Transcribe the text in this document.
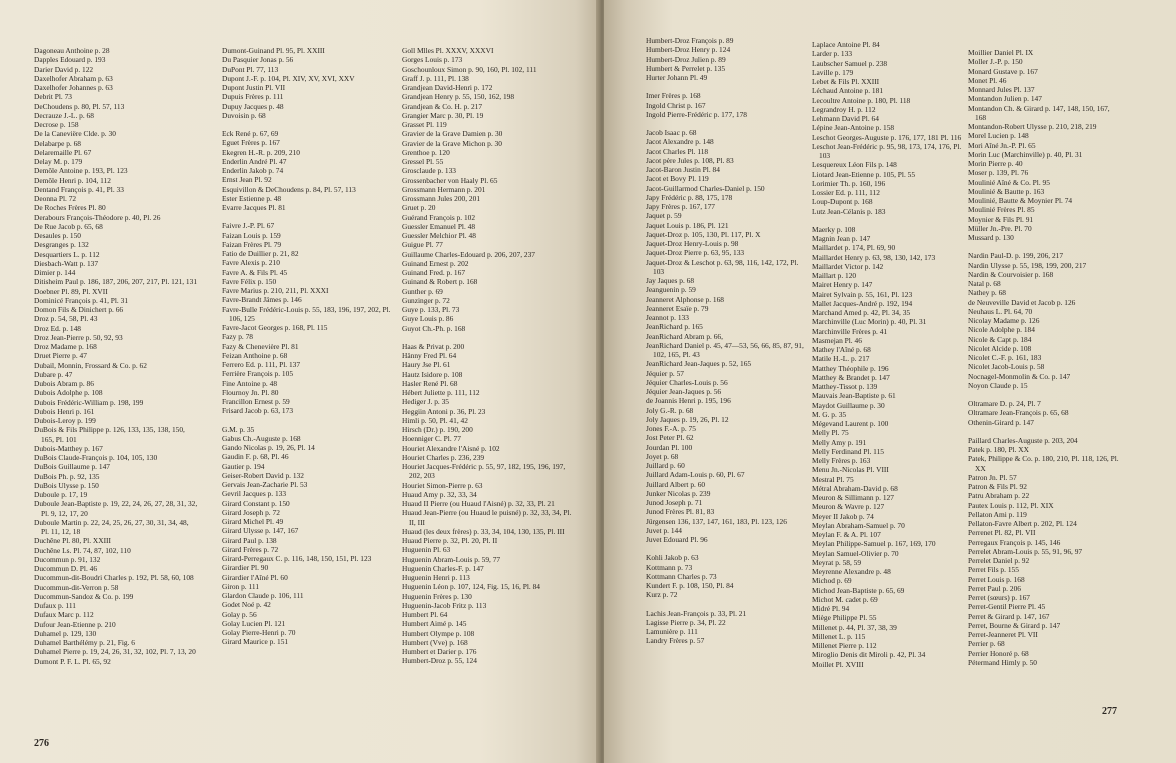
Dagoneau Anthoine p. 28
Dapples Edouard p. 193
Darier David p. 122
Daxelhofer Abraham p. 63
Daxelhofer Johannes p. 63
Debrit Pl. 73
DeChoudens p. 80, Pl. 57, 113
Decrauze J.-L. p. 68
Decrose p. 158
De la Caneviëre Clde. p. 30
Delabarpe p. 68
Delaremaille Pl. 67
Delay M. p. 179
Demôle Antoine p. 193, Pl. 123
Demôle Henri p. 104, 112
Dentand François p. 41, Pl. 33
Deonna Pl. 72
De Roches Frères Pl. 80
Derabours François-Théodore p. 40, Pl. 26
De Rue Jacob p. 65, 68
Desaules p. 150
Desgranges p. 132
Desquartiers L. p. 112
Diesbach-Watt p. 137
Dimier p. 144
Ditisheim Paul p. 186, 187, 206, 207, 217, Pl. 121, 131
Doebner Pl. 89, Pl. XVII
Dominicé François p. 41, Pl. 31
Domon Fils & Dinichert p. 66
Droz p. 54, 58, Pl. 43
Droz Ed. p. 148
Droz Jean-Pierre p. 50, 92, 93
Droz Madame p. 168
Druet Pierre p. 47
Dubail, Monnin, Frossard & Co. p. 62
Dubare p. 47
Dubois Abram p. 86
Dubois Adolphe p. 108
Dubois Frédéric-William p. 198, 199
Dubois Henri p. 161
Dubois-Leroy p. 199
DuBois & Fils Philippe p. 126, 133, 135, 138, 150, 165, Pl. 101
Dubois-Matthey p. 167
DuBois Claude-François p. 104, 105, 130
DuBois Guillaume p. 147
DuBois Ph. p. 92, 135
DuBois Ulysse p. 150
Duboule p. 17, 19
Duboule Jean-Baptiste p. 19, 22, 24, 26, 27, 28, 31, 32, Pl. 9, 12, 17, 20
Duboule Martin p. 22, 24, 25, 26, 27, 30, 31, 34, 48, Pl. 11, 12, 18
Duchêne Pl. 80, Pl. XXIII
Duchêne Ls. Pl. 74, 87, 102, 110
Ducommun p. 91, 132
Ducommun D. Pl. 46
Ducommun-dit-Boudri Charles p. 192, Pl. 58, 60, 108
Ducommun-dit-Verron p. 58
Ducommun-Sandoz & Co. p. 199
Dufaux p. 111
Dufaux Marc p. 112
Dufour Jean-Etienne p. 210
Duhamel p. 129, 130
Duhamel Barthélémy p. 21, Fig. 6
Duhamel Pierre p. 19, 24, 26, 31, 32, 102, Pl. 7, 13, 20
Dumont P. F. L. Pl. 65, 92
Dumont-Guinand Pl. 95, Pl. XXIII
Du Pasquier Jonas p. 56
DuPont Pl. 77, 113
Dupont J.-F. p. 104, Pl. XIV, XV, XVI, XXV
Dupont Justin Pl. VII
Dupuis Frères p. 111
Dupuy Jacques p. 48
Duvoisin p. 68
Eck René p. 67, 69
Eguet Frères p. 167
Ekegren H.-R. p. 209, 210
Enderlin André Pl. 47
Enderlin Jakob p. 74
Ernst Jean Pl. 92
Esquivillon & DeChoudens p. 84, Pl. 57, 113
Ester Estienne p. 48
Evarre Jacques Pl. 81
Faivre J.-P. Pl. 67
Faizan Louis p. 159
Faizan Frères Pl. 79
Fatio de Duillier p. 21, 82
Favre Alexis p. 210
Favre A. & Fils Pl. 45
Favre Félix p. 150
Favre Marius p. 210, 211, Pl. XXXI
Favre-Brandt Jämes p. 146
Favre-Bulle Frédéric-Louis p. 55, 183, 196, 197, 202, Pl. 106, 125
Favre-Jacot Georges p. 168, Pl. 115
Fazy p. 78
Fazy & Chenevière Pl. 81
Feizan Anthoine p. 68
Ferrero Ed. p. 111, Pl. 137
Ferrière François p. 105
Fine Antoine p. 48
Flournoy Jn. Pl. 80
Francillon Ernest p. 59
Frisard Jacob p. 63, 173
G.M. p. 35
Gabus Ch.-Auguste p. 168
Gando Nicolas p. 19, 26, Pl. 14
Gaudin F. p. 68, Pl. 46
Gautier p. 194
Geiser-Robert David p. 132
Gervais Jean-Zacharie Pl. 53
Gevril Jacques p. 133
Girard Constant p. 150
Girard Joseph p. 72
Girard Michel Pl. 49
Girard Ulysse p. 147, 167
Girard Paul p. 138
Girard Frères p. 72
Girard-Perregaux C. p. 116, 148, 150, 151, Pl. 123
Girardier Pl. 90
Girardier l'Aîné Pl. 60
Giron p. 111
Glardon Claude p. 106, 111
Godet Noé p. 42
Golay p. 56
Golay Lucien Pl. 121
Golay Pierre-Henri p. 70
Girard Maurice p. 151
Goll Mlles Pl. XXXV, XXXVI
Gorges Louis p. 173
Goschounloux Simon p. 90, 160, Pl. 102, 111
Graff J. p. 111, Pl. 138
Grandjean David-Henri p. 172
Grandjean Henry p. 55, 150, 162, 198
Grandjean & Co. H. p. 217
Grangier Marc p. 30, Pl. 19
Grasset Pl. 119
Gravier de la Grave Damien p. 30
Gravier de la Grave Michon p. 30
Grenthoe p. 120
Gressel Pl. 55
Grosclaude p. 133
Grossenbacher von Haaly Pl. 65
Grossmann Hermann p. 201
Grossmann Jules 200, 201
Gruet p. 20
Guérand François p. 102
Guessler Emanuel Pl. 48
Guessler Melchior Pl. 48
Guigue Pl. 77
Guillaume Charles-Edouard p. 206, 207, 237
Guinand Ernest p. 202
Guinand Fred. p. 167
Guinand & Robert p. 168
Gunther p. 69
Gunzinger p. 72
Guye p. 133, Pl. 73
Guye Louis p. 86
Guyot Ch.-Ph. p. 168
Haas & Privat p. 200
Hänny Fred Pl. 64
Haury Jse Pl. 61
Hautz Isidore p. 108
Hasler René Pl. 68
Hébert Juliette p. 111, 112
Hediger J. p. 35
Heggiin Antoni p. 36, Pl. 23
Himli p. 50, Pl. 41, 42
Hirsch (Dr.) p. 190, 200
Hoenniger C. Pl. 77
Houriet Alexandre l'Aisné p. 102
Houriet Charles p. 236, 239
Houriet Jacques-Frédéric p. 55, 97, 182, 195, 196, 197, 202, 203
Houriet Simon-Pierre p. 63
Huaud Amy p. 32, 33, 34
Huaud II Pierre (ou Huaud l'Aisné) p. 32, 33, Pl. 21
Huaud Jean-Pierre (ou Huaud le puisné) p. 32, 33, 34, Pl. II, III
Huaud (les deux frères) p. 33, 34, 104, 130, 135, Pl. III
Huaud Pierre p. 32, Pl. 20, Pl. II
Huguenin Pl. 63
Huguenin Abram-Louis p. 59, 77
Huguenin Charles-F. p. 147
Huguenin Henri p. 113
Huguenin Léon p. 107, 124, Fig. 15, 16, Pl. 84
Huguenin Frères p. 130
Huguenin-Jacob Fritz p. 113
Humbert Pl. 64
Humbert Aimé p. 145
Humbert Olympe p. 108
Humbert (Vve) p. 168
Humbert et Darier p. 176
Humbert-Droz p. 55, 124
276
Humbert-Droz François p. 89
Humbert-Droz Henry p. 124
Humbert-Droz Julien p. 89
Humbert & Perrelet p. 135
Hurter Johann Pl. 49
Imer Frères p. 168
Ingold Christ p. 167
Ingold Pierre-Frédéric p. 177, 178
Jacob Isaac p. 68
Jacot Alexandre p. 148
Jacot Charles Pl. 118
Jacot père Jules p. 108, Pl. 83
Jacot-Baron Justin Pl. 84
Jacot et Bovy Pl. 119
Jacot-Guillarmod Charles-Daniel p. 150
Japy Frédéric p. 88, 175, 178
Japy Frères p. 167, 177
Jaquet p. 59
Jaquet Louis p. 186, Pl. 121
Jaquet-Droz p. 105, 130, Pl. 117, Pl. X
Jaquet-Droz Henry-Louis p. 98
Jaquet-Droz Pierre p. 63, 95, 133
Jaquet-Droz & Leschot p. 63, 98, 116, 142, 172, Pl. 103
Jay Jaques p. 68
Jeanguenin p. 59
Jeanneret Alphonse p. 168
Jeanneret Esaïe p. 79
Jeannot p. 133
JeanRichard p. 165
JeanRichard Abram p. 66,
JeanRichard Daniel p. 45, 47—53, 56, 66, 85, 87, 91, 102, 165, Pl. 43
JeanRichard Jean-Jaques p. 52, 165
Jéquier p. 57
Jéquier Charles-Louis p. 56
Jéquier Jean-Jaques p. 56
de Joannis Henri p. 195, 196
Joly G.-R. p. 68
Joly Jaques p. 19, 26, Pl. 12
Jones F.-A. p. 75
Jost Peter Pl. 62
Jourdan Pl. 100
Joyet p. 68
Juillard p. 60
Juillard Adam-Louis p. 60, Pl. 67
Juillard Albert p. 60
Junker Nicolas p. 239
Junod Joseph p. 71
Junod Frères Pl. 81, 83
Jürgensen 136, 137, 147, 161, 183, Pl. 123, 126
Juvet p. 144
Juvet Edouard Pl. 96
Kohli Jakob p. 63
Kottmann p. 73
Kottmann Charles p. 73
Kundert F. p. 108, 150, Pl. 84
Kurz p. 72
Lachis Jean-François p. 33, Pl. 21
Lagisse Pierre p. 34, Pl. 22
Lamunière p. 111
Landry Frères p. 57
Laplace Antoine Pl. 84
Larder p. 133
Laubscher Samuel p. 238
Laville p. 179
Lebet & Fils Pl. XXIII
Léchaud Antoine p. 181
Lecoultre Antoine p. 180, Pl. 118
Legrandroy H. p. 112
Lehmann David Pl. 64
Lépine Jean-Antoine p. 158
Leschot Georges-Auguste p. 176, 177, 181 Pl. 116
Leschot Jean-Frédéric p. 95, 98, 173, 174, 176, Pl. 103
Lesquereux Léon Fils p. 148
Liotard Jean-Etienne p. 105, Pl. 55
Lorimier Th. p. 160, 196
Lossier Ed. p. 111, 112
Loup-Dupont p. 168
Lutz Jean-Célanis p. 183
Maerky p. 108
Magnin Jean p. 147
Maillardet p. 174, Pl. 69, 90
Maillardet Henry p. 63, 98, 130, 142, 173
Maillardet Victor p. 142
Maillart p. 120
Mairet Henry p. 147
Mairet Sylvain p. 55, 161, Pl. 123
Mallet Jacques-André p. 192, 194
Marchand Amed p. 42, Pl. 34, 35
Marchinville (Luc Morin) p. 40, Pl. 31
Marchinville Frères p. 41
Masmejan Pl. 46
Mathey l'Aîné p. 68
Matile H.-L. p. 217
Matthey Théophile p. 196
Matthey & Brandet p. 147
Matthey-Tissot p. 139
Mauvais Jean-Baptiste p. 61
Maydot Guillaume p. 30
M. G. p. 35
Mégevand Laurent p. 100
Melly Pl. 75
Melly Amy p. 191
Melly Ferdinand Pl. 115
Melly Frères p. 163
Menu Jn.-Nicolas Pl. VIII
Mestral Pl. 75
Métral Abraham-David p. 68
Meuron & Sillimann p. 127
Meuron & Wavre p. 127
Meyer II Jakob p. 74
Meylan Abraham-Samuel p. 70
Meylan F. & A. Pl. 107
Meylan Philippe-Samuel p. 167, 169, 170
Meylan Samuel-Olivier p. 70
Meyrat p. 58, 59
Meyrenne Alexandre p. 48
Michod p. 69
Michod Jean-Baptiste p. 65, 69
Michot M. cadet p. 69
Midré Pl. 94
Miège Philippe Pl. 55
Millenet p. 44, Pl. 37, 38, 39
Millenet L. p. 115
Millenet Pierre p. 112
Miroglio Denis dit Miroli p. 42, Pl. 34
Moillet Pl. XVIII
Moillier Daniel Pl. IX
Moller J.-P. p. 150
Monard Gustave p. 167
Monet Pl. 46
Monnard Jules Pl. 137
Montandon Julien p. 147
Montandon Ch. & Girard p. 147, 148, 150, 167, 168
Montandon-Robert Ulysse p. 210, 218, 219
Morel Lucien p. 148
Mori Aîné Jn.-P. Pl. 65
Morin Luc (Marchinville) p. 40, Pl. 31
Morin Pierre p. 40
Moser p. 139, Pl. 76
Moulinié Aîné & Co. Pl. 95
Moulinié & Bautte p. 163
Moulinié, Bautte & Moynier Pl. 74
Moulinié Frères Pl. 85
Moynier & Fils Pl. 91
Müller Jn.-Pre. Pl. 70
Mussard p. 130
Nardin Paul-D. p. 199, 206, 217
Nardin Ulysse p. 55, 198, 199, 200, 217
Nardin & Courvoisier p. 168
Natal p. 68
Nathey p. 68
de Neuveville David et Jacob p. 126
Neuhaus L. Pl. 64, 70
Nicolay Madame p. 126
Nicole Adolphe p. 184
Nicole & Capt p. 184
Nicolet Alcide p. 108
Nicolet C.-F. p. 161, 183
Nicolet Jacob-Louis p. 58
Nocnagel-Monmolin & Co. p. 147
Noyon Claude p. 15
Oltramare D. p. 24, Pl. 7
Oltramare Jean-François p. 65, 68
Othenin-Girard p. 147
Paillard Charles-Auguste p. 203, 204
Patek p. 180, Pl. XX
Patek, Philippe & Co. p. 180, 210, Pl. 118, 126, Pl. XX
Patron Jn. Pl. 57
Patron & Fils Pl. 92
Patru Abraham p. 22
Pautex Louis p. 112, Pl. XIX
Pellaton Ami p. 119
Pellaton-Favre Albert p. 202, Pl. 124
Perrenet Pl. 82, Pl. VII
Perregaux François p. 145, 146
Perrelet Abram-Louis p. 55, 91, 96, 97
Perrelet Daniel p. 92
Perret Fils p. 155
Perret Louis p. 168
Perret Paul p. 206
Perret (sœurs) p. 167
Perret-Gentil Pierre Pl. 45
Perret & Girard p. 147, 167
Perret, Bourne & Girard p. 147
Perret-Jeanneret Pl. VII
Perrier p. 68
Perrier Honoré p. 68
Pétermand Himly p. 50
277
